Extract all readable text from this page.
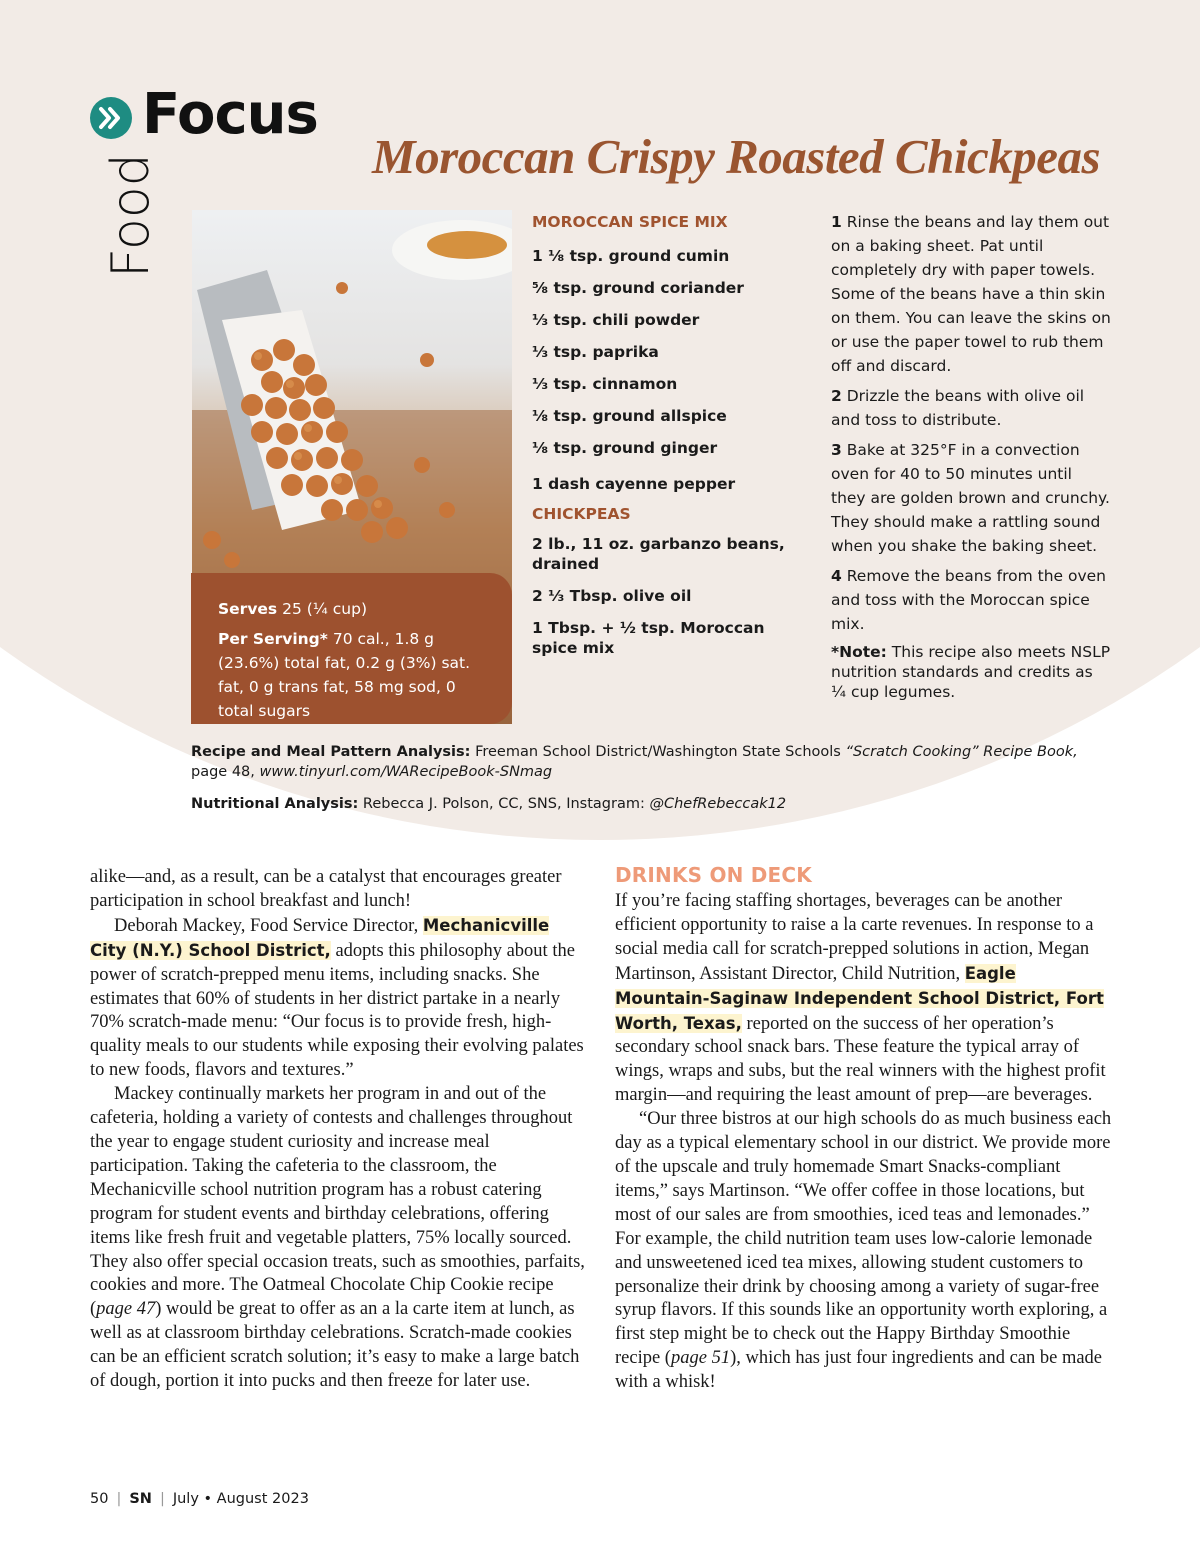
Focus
Food	Moroccan Crispy Roasted Chickpeas
Serves 25 (¼ cup)
Per Serving* 70 cal., 1.8 g (23.6%) total fat, 0.2 g (3%) sat. fat, 0 g trans fat, 58 mg sod, 0 total sugars
MOROCCAN SPICE MIX
1 ⅛ tsp. ground cumin
⅝ tsp. ground coriander
⅓ tsp. chili powder
⅓ tsp. paprika
⅓ tsp. cinnamon
⅛ tsp. ground allspice
⅛ tsp. ground ginger
1 dash cayenne pepper
CHICKPEAS
2 lb., 11 oz. garbanzo beans, drained
2 ⅓ Tbsp. olive oil
1 Tbsp. + ½ tsp. Moroccan spice mix
1 Rinse the beans and lay them out on a baking sheet. Pat until completely dry with paper towels. Some of the beans have a thin skin on them. You can leave the skins on or use the paper towel to rub them off and discard.
2 Drizzle the beans with olive oil and toss to distribute.
3 Bake at 325°F in a convection oven for 40 to 50 minutes until they are golden brown and crunchy. They should make a rattling sound when you shake the baking sheet.
4 Remove the beans from the oven and toss with the Moroccan spice mix.
*Note: This recipe also meets NSLP nutrition standards and credits as ¼ cup legumes.

Recipe and Meal Pattern Analysis: Freeman School District/Washington State Schools “Scratch Cooking” Recipe Book,
page 48, www.tinyurl.com/WARecipeBook-SNmag

Nutritional Analysis: Rebecca J. Polson, CC, SNS, Instagram: @ChefRebeccak12

alike—and, as a result, can be a catalyst that encourages greater participation in school breakfast and lunch!

Deborah Mackey, Food Service Director, Mechanicville City (N.Y.) School District, adopts this philosophy about the power of scratch-prepped menu items, including snacks. She estimates that 60% of students in her district partake in a nearly 70% scratch-made menu: “Our focus is to provide fresh, high-quality meals to our students while exposing their evolving palates to new foods, flavors and textures.”

Mackey continually markets her program in and out of the cafeteria, holding a variety of contests and challenges throughout the year to engage student curiosity and increase meal participation. Taking the cafeteria to the classroom, the Mechanicville school nutrition program has a robust catering program for student events and birthday celebrations, offering items like fresh fruit and vegetable platters, 75% locally sourced. They also offer special occasion treats, such as smoothies, parfaits, cookies and more. The Oatmeal Chocolate Chip Cookie recipe (page 47) would be great to offer as an a la carte item at lunch, as well as at classroom birthday celebrations. Scratch-made cookies can be an efficient scratch solution; it’s easy to make a large batch of dough, portion it into pucks and then freeze for later use.

DRINKS ON DECK

If you’re facing staffing shortages, beverages can be another efficient opportunity to raise a la carte revenues. In response to a social media call for scratch-prepped solutions in action, Megan Martinson, Assistant Director, Child Nutrition, Eagle Mountain-Saginaw Independent School District, Fort Worth, Texas, reported on the success of her operation’s secondary school snack bars. These feature the typical array of wings, wraps and subs, but the real winners with the highest profit margin—and requiring the least amount of prep—are beverages.

“Our three bistros at our high schools do as much business each day as a typical elementary school in our district. We provide more of the upscale and truly homemade Smart Snacks-compliant items,” says Martinson. “We offer coffee in those locations, but most of our sales are from smoothies, iced teas and lemonades.” For example, the child nutrition team uses low-calorie lemonade and unsweetened iced tea mixes, allowing student customers to personalize their drink by choosing among a variety of sugar-free syrup flavors. If this sounds like an opportunity worth exploring, a first step might be to check out the Happy Birthday Smoothie recipe (page 51), which has just four ingredients and can be made with a whisk!

50 | SN | July • August 2023
